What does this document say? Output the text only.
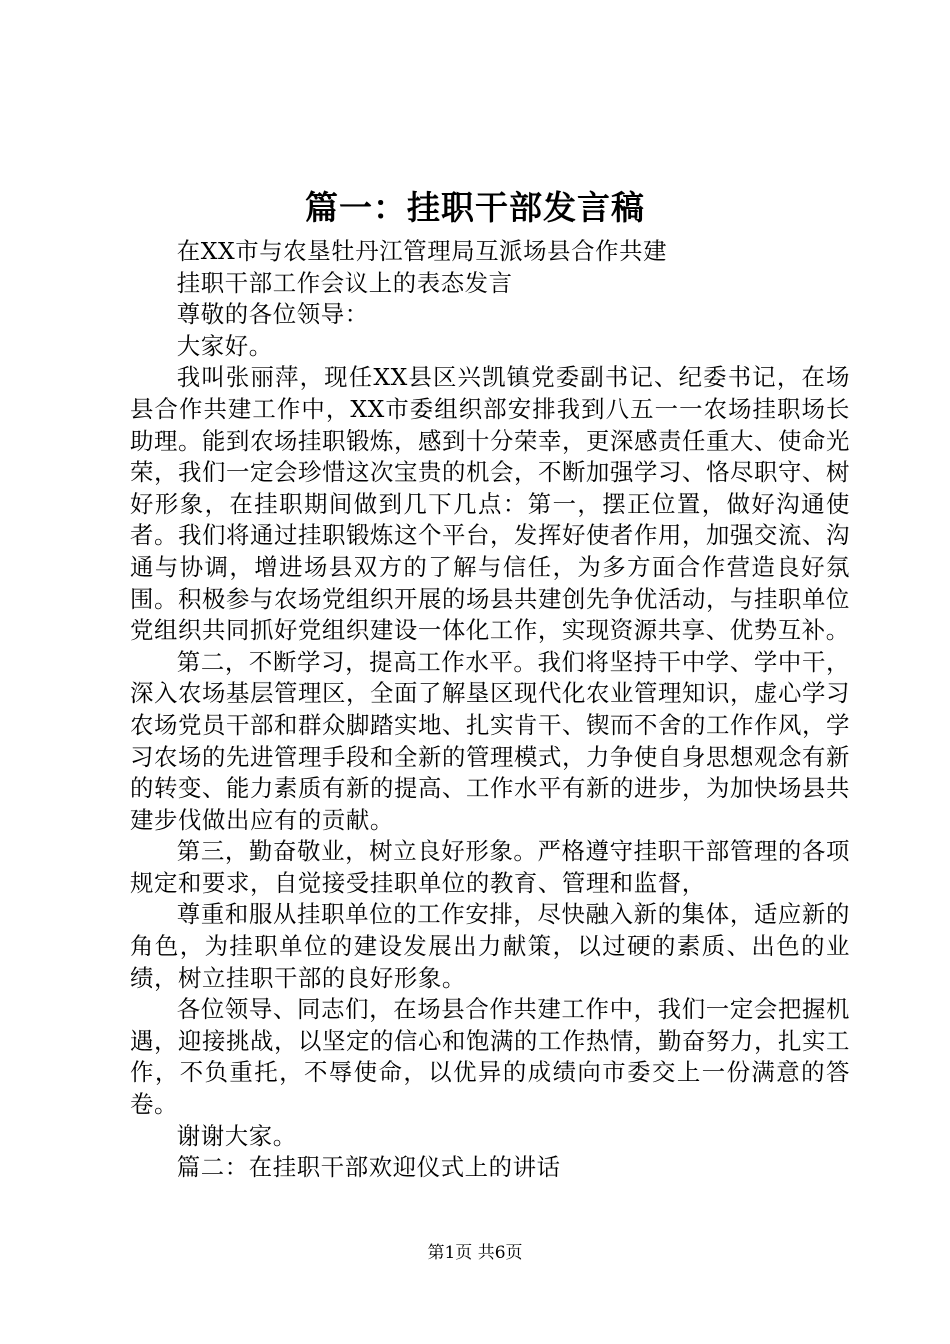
篇一：挂职干部发言稿

在XX市与农垦牡丹江管理局互派场县合作共建

挂职干部工作会议上的表态发言

尊敬的各位领导：

大家好。

我叫张丽萍，现任XX县区兴凯镇党委副书记、纪委书记，在场县合作共建工作中，XX市委组织部安排我到八五一一农场挂职场长助理。能到农场挂职锻炼，感到十分荣幸，更深感责任重大、使命光荣，我们一定会珍惜这次宝贵的机会，不断加强学习、恪尽职守、树好形象，在挂职期间做到几下几点：第一，摆正位置，做好沟通使者。我们将通过挂职锻炼这个平台，发挥好使者作用，加强交流、沟通与协调，增进场县双方的了解与信任，为多方面合作营造良好氛围。积极参与农场党组织开展的场县共建创先争优活动，与挂职单位党组织共同抓好党组织建设一体化工作，实现资源共享、优势互补。

第二，不断学习，提高工作水平。我们将坚持干中学、学中干，深入农场基层管理区，全面了解垦区现代化农业管理知识，虚心学习农场党员干部和群众脚踏实地、扎实肯干、锲而不舍的工作作风，学习农场的先进管理手段和全新的管理模式，力争使自身思想观念有新的转变、能力素质有新的提高、工作水平有新的进步，为加快场县共建步伐做出应有的贡献。

第三，勤奋敬业，树立良好形象。严格遵守挂职干部管理的各项规定和要求，自觉接受挂职单位的教育、管理和监督，

尊重和服从挂职单位的工作安排，尽快融入新的集体，适应新的角色，为挂职单位的建设发展出力献策，以过硬的素质、出色的业绩，树立挂职干部的良好形象。

各位领导、同志们，在场县合作共建工作中，我们一定会把握机遇，迎接挑战，以坚定的信心和饱满的工作热情，勤奋努力，扎实工作，不负重托，不辱使命，以优异的成绩向市委交上一份满意的答卷。

谢谢大家。

篇二：在挂职干部欢迎仪式上的讲话

第1页 共6页
